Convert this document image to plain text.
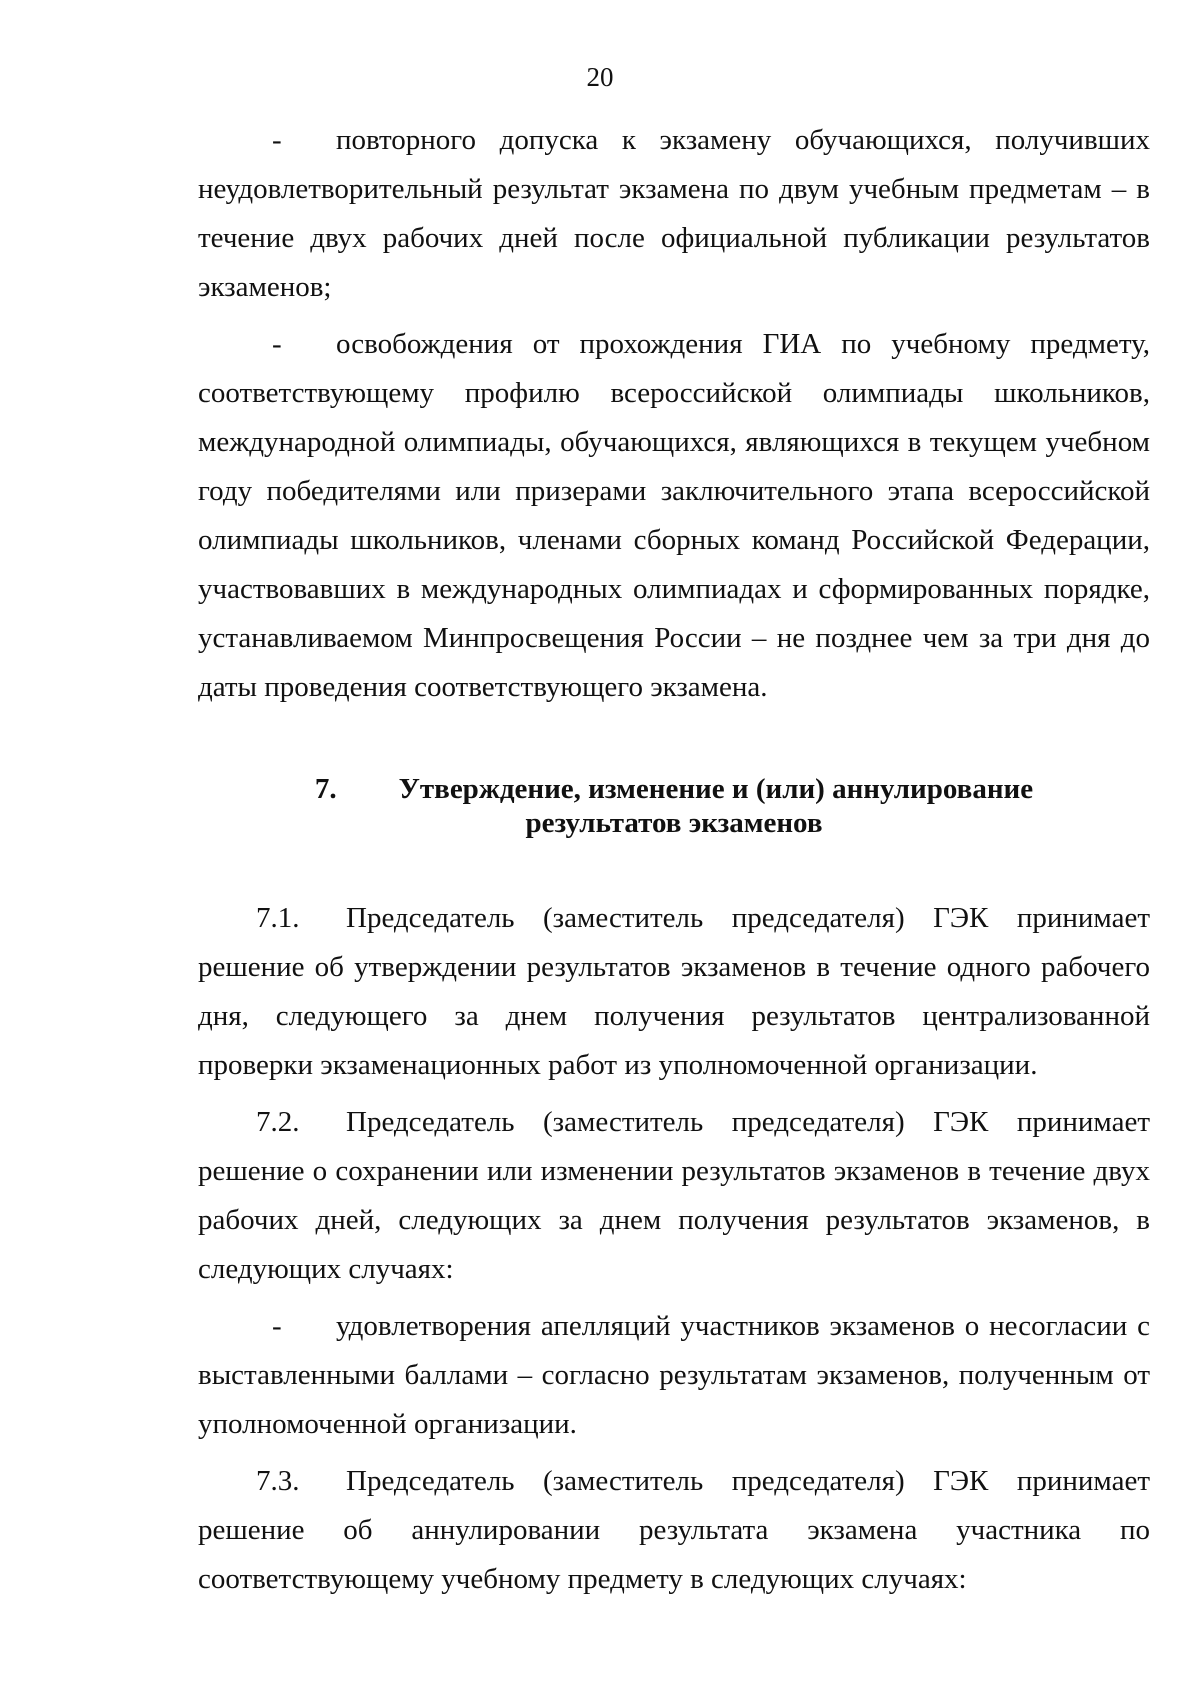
20

- повторного допуска к экзамену обучающихся, получивших неудовлетворительный результат экзамена по двум учебным предметам – в течение двух рабочих дней после официальной публикации результатов экзаменов;

- освобождения от прохождения ГИА по учебному предмету, соответствующему профилю всероссийской олимпиады школьников, международной олимпиады, обучающихся, являющихся в текущем учебном году победителями или призерами заключительного этапа всероссийской олимпиады школьников, членами сборных команд Российской Федерации, участвовавших в международных олимпиадах и сформированных порядке, устанавливаемом Минпросвещения России – не позднее чем за три дня до даты проведения соответствующего экзамена.

7. Утверждение, изменение и (или) аннулирование
результатов экзаменов

7.1. Председатель (заместитель председателя) ГЭК принимает решение об утверждении результатов экзаменов в течение одного рабочего дня, следующего за днем получения результатов централизованной проверки экзаменационных работ из уполномоченной организации.

7.2. Председатель (заместитель председателя) ГЭК принимает решение о сохранении или изменении результатов экзаменов в течение двух рабочих дней, следующих за днем получения результатов экзаменов, в следующих случаях:

- удовлетворения апелляций участников экзаменов о несогласии с выставленными баллами – согласно результатам экзаменов, полученным от уполномоченной организации.

7.3. Председатель (заместитель председателя) ГЭК принимает решение об аннулировании результата экзамена участника по соответствующему учебному предмету в следующих случаях:
